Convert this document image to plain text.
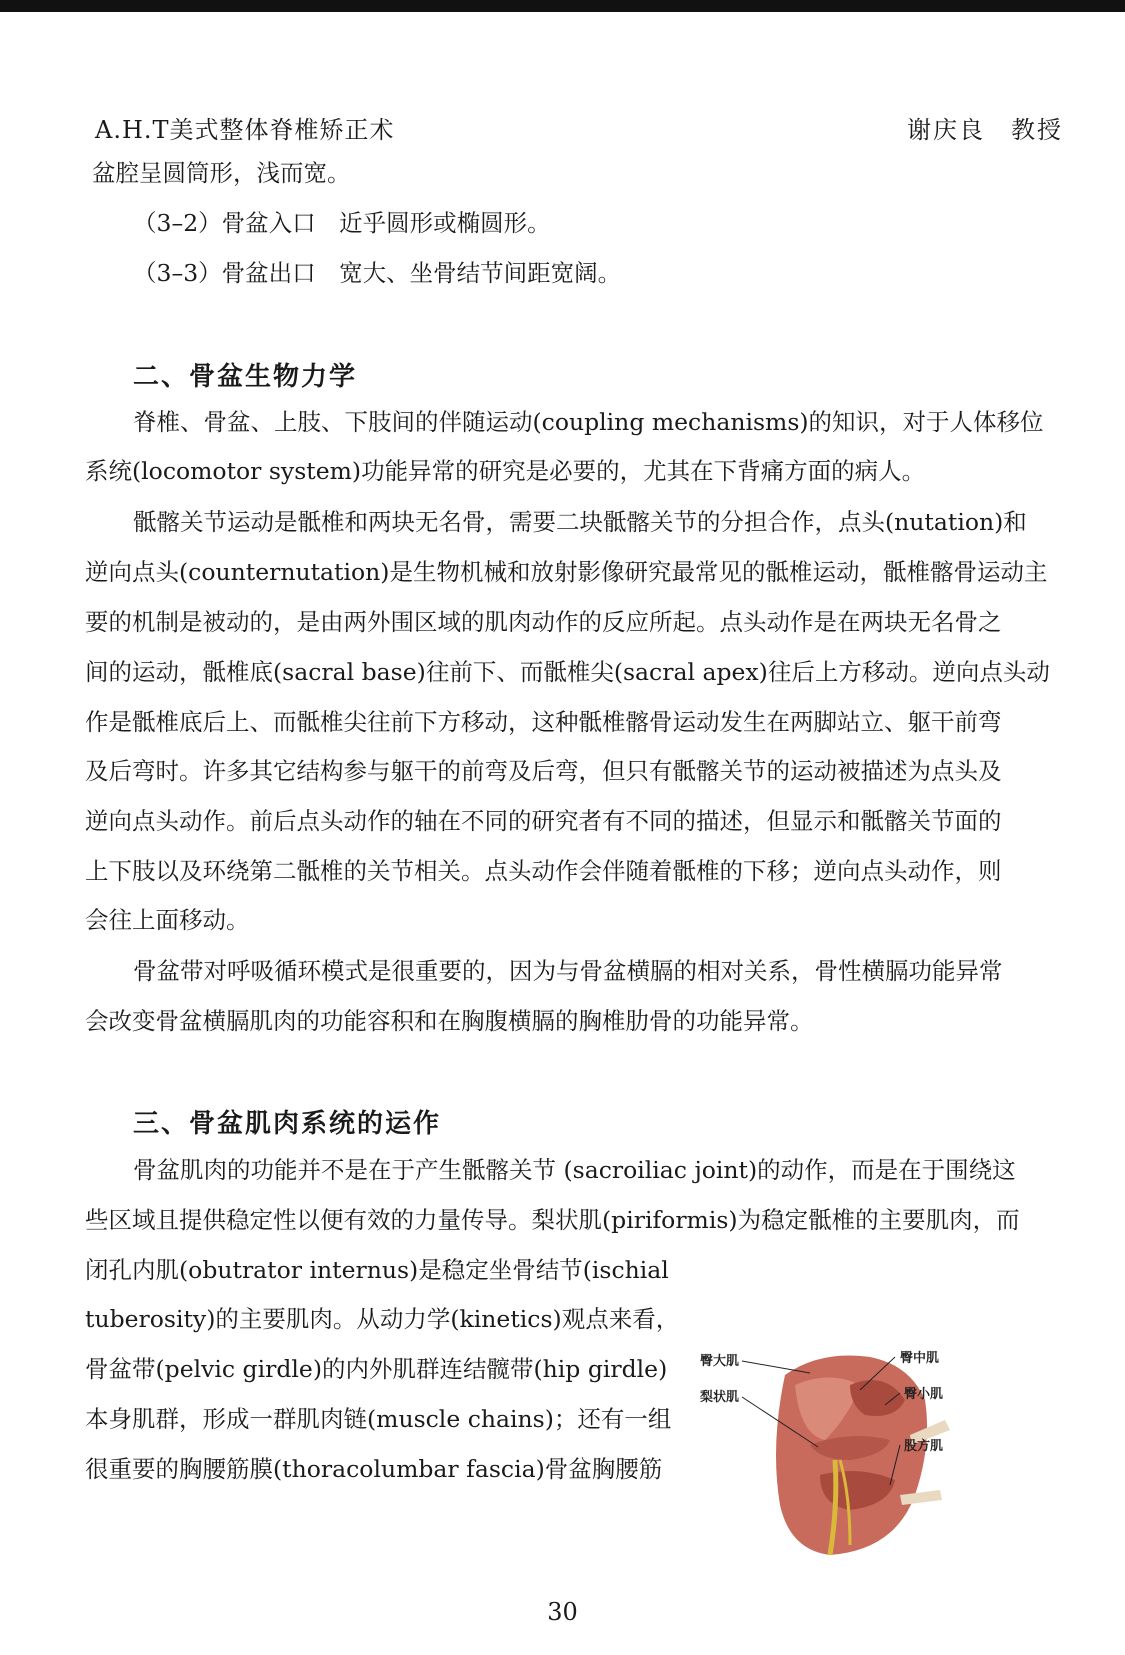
A.H.T美式整体脊椎矫正术	谢庆良 教授
盆腔呈圆筒形，浅而宽。
（3–2）骨盆入口　近乎圆形或椭圆形。
（3–3）骨盆出口　宽大、坐骨结节间距宽阔。
二、骨盆生物力学
脊椎、骨盆、上肢、下肢间的伴随运动(coupling mechanisms)的知识，对于人体移位
系统(locomotor system)功能异常的研究是必要的，尤其在下背痛方面的病人。
骶髂关节运动是骶椎和两块无名骨，需要二块骶髂关节的分担合作，点头(nutation)和
逆向点头(counternutation)是生物机械和放射影像研究最常见的骶椎运动，骶椎髂骨运动主
要的机制是被动的，是由两外围区域的肌肉动作的反应所起。点头动作是在两块无名骨之
间的运动，骶椎底(sacral base)往前下、而骶椎尖(sacral apex)往后上方移动。逆向点头动
作是骶椎底后上、而骶椎尖往前下方移动，这种骶椎髂骨运动发生在两脚站立、躯干前弯
及后弯时。许多其它结构参与躯干的前弯及后弯，但只有骶髂关节的运动被描述为点头及
逆向点头动作。前后点头动作的轴在不同的研究者有不同的描述，但显示和骶髂关节面的
上下肢以及环绕第二骶椎的关节相关。点头动作会伴随着骶椎的下移；逆向点头动作，则
会往上面移动。
骨盆带对呼吸循环模式是很重要的，因为与骨盆横膈的相对关系，骨性横膈功能异常
会改变骨盆横膈肌肉的功能容积和在胸腹横膈的胸椎肋骨的功能异常。
三、骨盆肌肉系统的运作
骨盆肌肉的功能并不是在于产生骶髂关节 (sacroiliac joint)的动作，而是在于围绕这
些区域且提供稳定性以便有效的力量传导。梨状肌(piriformis)为稳定骶椎的主要肌肉，而
闭孔内肌(obutrator internus)是稳定坐骨结节(ischial
tuberosity)的主要肌肉。从动力学(kinetics)观点来看，
骨盆带(pelvic girdle)的内外肌群连结髋带(hip girdle)
本身肌群，形成一群肌肉链(muscle chains)；还有一组
很重要的胸腰筋膜(thoracolumbar fascia)骨盆胸腰筋
臀大肌
梨状肌
臀中肌
臀小肌
股方肌
30
